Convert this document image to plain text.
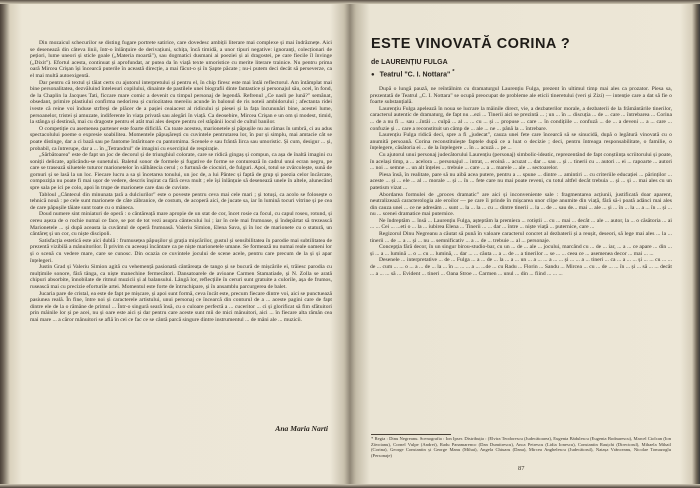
Din mozaicul schecurilor se disting fugare portrete satirice, care dovedesc ambiții literare mai complexe și mai îndrăznețe. Aici se desenează din câteva linii, într-o înlănțuire de derivațiuni, schița, încă timidă, a unor tipuri negative: ignoranți, colecționari de pețiori, lume uneori și sticle goale („Materia moartă"), sau dogmatici dusmani ai poeziei și ai dragostei, pe care fiecile îl învinge („Dixit"). Efortul acesta, continuat și aprofundat, ar putea da în viață texte umoristice cu merite literare trainice. Nu pentru prima oară Mircea Crișan își încearcă puterile în această direcție, a mai făcut-o și în Șapte păcate ; nu-i putem deci decât să perseverze, ca el mai multă autoexigentă.

Dar pentru că textul și tăiat certs cu ajutorul interpretului și pentru el, în chip firesc este mai întâi reflectorul. Am întâmplat mai bine personalitatea, dezvăluind întelesuri copilului, dinainte de pastilele unei biografii dinte fantastice și personajul său, ocel, în fond, de la Chaplin la Jacques Tati, ficcare mare comic a devenit cu timpul personaj de legendă. Refrenul „Ce nasli pe lună?" semănat, obsedant, primire plastiului confirma nedorirea și curiozitatea mereiiu acunde în balonul de ris noteii ambidorului ; afectanta ridei iveste că reine voi înduse strfreși de plăcer de a pașiei ceaiacest al ridicului și piesei și la fața încununări bine, acestei lume, persoanelor, tristei și amuzate, indiferente în viața privată sau alegări în viață. Ca deosebire, Mircea Crișan e un om și modest, timid, la stânga și destinsă, mai cu dragoste pentru el atât mai ales despre pentru cel stăpânii locul de cultul banilor.

O competiție cu asemenea partener este foarte dificilă. Cu toate acestea, marionetele și păpușile nu au rămas în umbră, ci au adus spectacolului poeme o expresie soabilitea. Momentele păpușărești cu cuvintele pentrutarea lor, în pur și simplu, mai amtacie cât se poate distinge, dar a ci bază sau pe fantome întăritoare cu pantomima. Scenele e sau frântă Iirca sau umoristic. Și cum, desigur ... și, probabil, ca întrerupe, dar a ... în „Tetrandrul" de imagini cu exercițiul de respirație.

„Sărbătoarea" este de fapt un joc de decorul și de triunghiul colorate, care se ridică gingaș și compun, ca așa de înaltă imagini cu soniții delicate, aplicându-se sunetului. Baletul sonor de formele și fugative de forme se conturează în cadrul unui ecran negru, pe care se trasează siluetele tuturor marionetelor în sălbătecia cerul ; o furtună de ciocniri, de fulguri. Apoi, totul se zvârcolește, sună de gornuri și se lasă la un loc. Fiecare lucru a sa și încetarea tonului, un joc de, a lui Pântec și faptă de grup și poezia celor încărcate, compoziția nu poate fi mai ușor de vedere, descris înșirat ca fără ceva mult ; ele își înlănțuie să desenează unele în altele, alunecând spre sala pe ici pe colo, apoi în trupe de marionete care dau de cuvinte.

Tabloul „Cântecul din minunata țară a dulciurilor" este o poveste pentru ceva mai cele mari ; și totuși, ca acolo se folosește o tehnică nouă : pe cele sunt marionete de câte zăbranice, de costum, de acoperă aici, de jucate sa, iar în lumină tocuri vitrine și pe cea de care păpușile tăiate sunt toate cu o mâneca.

Doud numere sint miniaturi de operă : o cântăreață mare apropie de un stat de cor, încet rosie ca focul, cu capul roseu, rotund, și cereu așeza de o rochie numai ce face, se pot de tot vezi asupra cântecului lui ; iar în cele mai frumoase, și îndepărtat să trezească Marionetele ... și după aceasta ia cuvântul de operă frumoasă. Valeriu Simion, Elena Sava, și în loc de marionete cu o statură, un cântăreț și un cor, cu niște discipoli.

Satisfacția estetică este aici dublă : frumusețea păpușilor și grația mișcărilor, gustul și sensibilitatea în parodie mai subtilitatea de prezentă vizibilă a mânuitorilor. Îl privim cu aceeași încântare ca pe niște marionetele umane. Se formează nu numai reale oameni lor și o scenă cu vedere mare, care se cunosc. Din ocazia ce cuvintele jocului de scene acele, pentru care precum de la și și apar înțelegeri.

Justin Grad și Valeriu Simion agită cu vehemență pasionată cântăreața de tango și se bucură de mișcările ei, trăiesc parodia cu mulțimile sonore, fără tânga, ca niște manechine fermecători. Dansatoarele de avioane Carmen Stamatiade, și N. Zolla se arată chipuri absorbite, înnobilate de ritmul muzicii și al balansului. Lângă lor, reflecțiile în ceruri sunt gratuite a culorile, așa de frumos, rusească mai cu precizie eforturile artei. Momentul este forte de întruchipare, și în ansamblu parcurgerea de balet.

Jucaria pare de cristal, ea este de fapt pe mișcare, și apoi sunt formă, ceva încât este, precum fiecare dintre voi, aici se punctuează pasiunea reală. În fine, între noi și caracterele artistului, unui personaj ce încearcă din conturul de a ... aceste pagini care de fapt dintre ele de la o rămâne de primul ... Într-o singură seară însă, cu o culoare perfectă a ... cuceritor ... ci și glorificat să fim sfătuitori prin mâinile lor și pe acei, nu și oare este aici și dar pentru care aceste sunt mii de mici mânuitori, aici ... în fiecare alta rămân cea mai mare ... a căror mânuitori se află în cei ce fac ce se cântă parcă singure dintre instrumentul ... de mâni ale ... muzicii.

Ana Maria Narti
ESTE VINOVATĂ CORINA ?
de LAURENȚIU FULGA
● Teatrul "C. I. Nottara" *

După o lungă pauză, ne reîntâlnim cu dramaturgul Laurențiu Fulga, prezent în ultimul timp mai ales ca prozator. Piesa sa, prezentată de Teatrul „C. I. Nottara" se ocupă preocupat de probleme ale eticii tineretului (veri și Zizi) — intenție care a dat să fie o foarte substanțială.

Laurențiu Fulga apelează în noua se lucrare la mâinile direct, vie, a dezbaterilor morale, a dezbaterii de la frământările tinerilor, caracterul autentic de dramaturg, de fapt nu ...ezi ... Tinerii aici se prezintă ... ; un ... în ... discuția ... de ... care ... întrebarea ... Corina ... de a nu fi ... sau ...întâi ... culpă ... al ... ... cu ... și ... propuse ... care ... în condițiile ... confuză ... de ... a deveni ... a ... care ... confuzie și ... care a reconstituit un câmp de ... ale ... ne ... până la ... întrebare.

Laurențiu Fulga ridică deci, spre a fi „judecat", cauza unei fete care încearcă să se sinucidă, după o legătură vinovată cu o anumită persoană. Corina reconstituiește faptele după ce a luat o decizie ; deci, pentru întreaga responsabilitate, o familie, o înțelegere, căsătoria ei ... de la înțelegere ... în ... acuză ... pe ...

Cu ajutorul unui personaj judecătorului Laurențiu (personaj) simbolic-ideatic, reprezentând de fapt conștiința scriitorului și poate, în același timp, a ... acelora ... personajul ... intrat, ... eroină ... acuzat ... dar ... sau ... și ... tinerii cu ... autori ... ei ... rapoarte ... autori ... noi ... semne ... un alt înțeles ... trebuie ... care ... a ... marele ... ale ... sectoarelor.

Piesa însă, în realitate, pare să nu aibă acea putere, pentru a ... spune ... dintre ... amintiri ... cu criteriile educației ... părinților ... aceste ... și ... ele ... al ... morale ... și ... în ... fete care nu mai poate reveni, cu totul altfel decât trebuia ... și ... și ... mai ales cu un patetism vizat ...

Abordarea formulei de „proces dramatic" are aici și inconveniente sale : fragmentarea acțiunii, justificată doar aparent, neutralizează caracterologia ale eroilor — pe care îi prinde în mișcarea unor clipe anumite din viață, fără să-i poată adânci mai ales din cauza unei ... ce ne adresăm ... sunt ... la ... la ... cu ... dintre tinerii ... la ... de ... sau de... mai ... ale ... și ... în ... la ... a ... în ... și ... nu ... scenei dramatice mai puternice.

Ne îndreptăm ... însă ... Laurențiu Fulga, așteptăm la premiera ... rotiștii ... cu ... mai ... decât ... ale ... autor, la ... o căsătoria ... ai ... ... Cei ... ...eti o ... la ... iubirea Elena ... Tinerii ... ... dar ... între ... niște viață ... puternice, care ...

Regizorul Dinu Negreanu a căutat să pună în valoare caracterul concret al dezbaterii și a reușit, deseori, să lege mai ales ... la ... tinerii ... de ... a ... și ... nu ... semnificativ ... a ... de ... trebuie ... al ... personaje.

Concepția fără decor, în un singur birou-studio-bar, cu un ... de ... ale ... jocului, marcând cu ... de ... iar, ... a ... ce apare ... din ... și ... a ... lumină ... o ... cu ... lumină, ... dar ... ... căuta ... a ... de ... a tinerilor ... se ... ... ceea ce ... asemenea decor ... mai ... ...

Desenele ... interpretative ... de ... Fulga ... a ... de ... la ... a ... un ... a ... ... a ... ... și ... ... a ... tineri ... ca ... a ... ... și ... ... cu ... ... de ... cum ... ... o ... a ... de ... la ... în ... ... ... a ... ...de ... cu Radu ... Florin ... Sandu ... Mircea ... cu ... de ... ... în ... și ... să ... ... decât ... a ... ... să ... Evident ... tineri ... Oana Stroe ... Carmen ... unul ... din ... fiind ... ... ...

* Regia : Dinu Negreanu. Scenografia : Ion Ipser. Distribuția : (Elvira Teodorescu (Judecătoarea), Eugenia Bădulescu (Eugenia Bodnarescu), Marcel Ciolcan (Ion Zăvoianu), Cornel Vulpe (Andrei), Radu Panamarenco (Dan Dumitrescu), Anca Petrescu (Lidia Ionescu), Constantin Rauțchi (Directorul), Mihaela Mihail (Corina), George Constantin și George Manu (Mihai), Angela Chiuaru (Dana), Mircea Anghelescu (Judecătorul), Natașa Vrânceanu, Nicolae Tomazoglu (Personaje)
87
